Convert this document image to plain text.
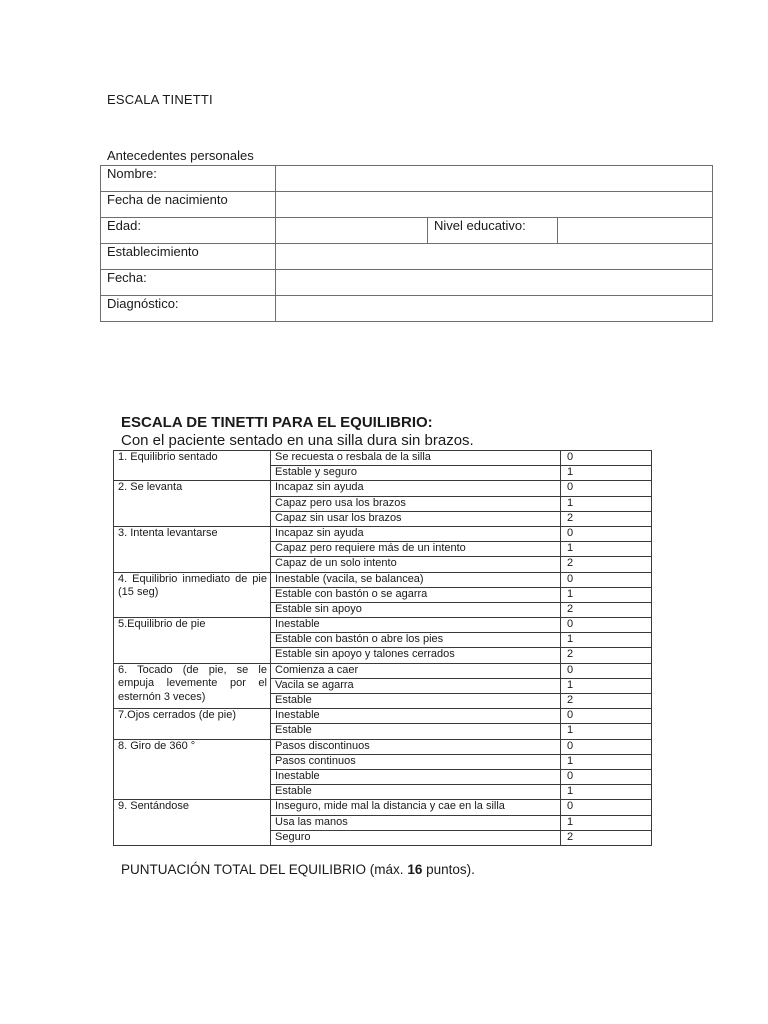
ESCALA TINETTI
Antecedentes personales
Nombre:			
Fecha de nacimiento			
Edad:		Nivel educativo:	
Establecimiento			
Fecha:			
Diagnóstico:			
ESCALA DE TINETTI PARA EL EQUILIBRIO:
Con el paciente sentado en una silla dura sin brazos.
1. Equilibrio sentado	Se recuesta o resbala de la silla	0
	Estable y seguro	1
2. Se levanta	Incapaz sin ayuda	0
	Capaz pero usa los brazos	1
	Capaz sin usar los brazos	2
3. Intenta levantarse	Incapaz sin ayuda	0
	Capaz pero requiere más de un intento	1
	Capaz de un solo intento	2
4. Equilibrio inmediato de pie (15 seg)	Inestable (vacila, se balancea)	0
	Estable con bastón o se agarra	1
	Estable sin apoyo	2
5.Equilibrio de pie	Inestable	0
	Estable con bastón o abre los pies	1
	Estable sin apoyo y talones cerrados	2
6. Tocado (de pie, se le empuja levemente por el esternón 3 veces)	Comienza a caer	0
	Vacila se agarra	1
	Estable	2
7.Ojos cerrados (de pie)	Inestable	0
	Estable	1
8. Giro de 360 °	Pasos discontinuos	0
	Pasos continuos	1
	Inestable	0
	Estable	1
9. Sentándose	Inseguro, mide mal la distancia y cae en la silla	0
	Usa las manos	1
	Seguro	2
PUNTUACIÓN TOTAL DEL EQUILIBRIO (máx. 16 puntos).
